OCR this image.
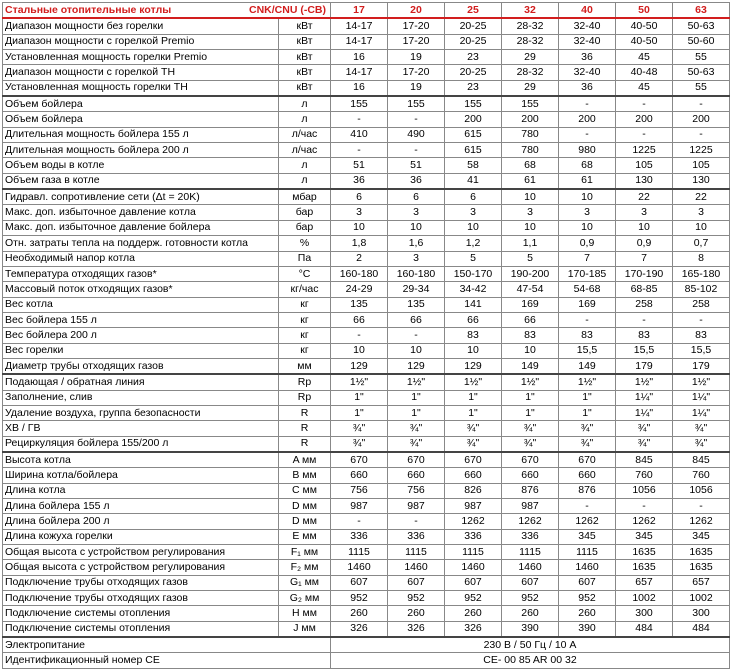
Стальные отопительные котлы CNK/CNU (-CB)		17	20	25	32	40	50	63
Диапазон мощности без горелки	кВт	14-17	17-20	20-25	28-32	32-40	40-50	50-63
Диапазон мощности с горелкой Premio	кВт	14-17	17-20	20-25	28-32	32-40	40-50	50-60
Установленная мощность горелки Premio	кВт	16	19	23	29	36	45	55
Диапазон мощности с горелкой TH	кВт	14-17	17-20	20-25	28-32	32-40	40-48	50-63
Установленная мощность горелки TH	кВт	16	19	23	29	36	45	55
Объем бойлера	л	155	155	155	155	-	-	-
Объем бойлера	л	-	-	200	200	200	200	200
Длительная мощность бойлера 155 л	л/час	410	490	615	780	-	-	-
Длительная мощность бойлера 200 л	л/час	-	-	615	780	980	1225	1225
Объем воды в котле	л	51	51	58	68	68	105	105
Объем газа в котле	л	36	36	41	61	61	130	130
Гидравл. сопротивление сети (Δt = 20K)	мбар	6	6	6	10	10	22	22
Макс. доп. избыточное давление котла	бар	3	3	3	3	3	3	3
Макс. доп. избыточное давление бойлера	бар	10	10	10	10	10	10	10
Отн. затраты тепла на поддерж. готовности котла	%	1,8	1,6	1,2	1,1	0,9	0,9	0,7
Необходимый напор котла	Па	2	3	5	5	7	7	8
Температура отходящих газов*	°С	160-180	160-180	150-170	190-200	170-185	170-190	165-180
Массовый поток отходящих газов*	кг/час	24-29	29-34	34-42	47-54	54-68	68-85	85-102
Вес котла	кг	135	135	141	169	169	258	258
Вес бойлера 155 л	кг	66	66	66	66	-	-	-
Вес бойлера 200 л	кг	-	-	83	83	83	83	83
Вес горелки	кг	10	10	10	10	15,5	15,5	15,5
Диаметр трубы отходящих газов	мм	129	129	129	149	149	179	179
Подающая / обратная линия	Rp	1½"	1½"	1½"	1½"	1½"	1½"	1½"
Заполнение, слив	Rp	1"	1"	1"	1"	1"	1¼"	1¼"
Удаление воздуха, группа безопасности	R	1"	1"	1"	1"	1"	1¼"	1¼"
ХВ / ГВ	R	¾"	¾"	¾"	¾"	¾"	¾"	¾"
Рециркуляция бойлера 155/200 л	R	¾"	¾"	¾"	¾"	¾"	¾"	¾"
Высота котла	A мм	670	670	670	670	670	845	845
Ширина котла/бойлера	B мм	660	660	660	660	660	760	760
Длина котла	C мм	756	756	826	876	876	1056	1056
Длина бойлера 155 л	D мм	987	987	987	987	-	-	-
Длина бойлера 200 л	D мм	-	-	1262	1262	1262	1262	1262
Длина кожуха горелки	E мм	336	336	336	336	345	345	345
Общая высота с устройством регулирования	F₁ мм	1115	1115	1115	1115	1115	1635	1635
Общая высота с устройством регулирования	F₂ мм	1460	1460	1460	1460	1460	1635	1635
Подключение трубы отходящих газов	G₁ мм	607	607	607	607	607	657	657
Подключение трубы отходящих газов	G₂ мм	952	952	952	952	952	1002	1002
Подключение системы отопления	H мм	260	260	260	260	260	300	300
Подключение системы отопления	J мм	326	326	326	390	390	484	484
Электропитание		230 В / 50 Гц / 10 А						
Идентификационный номер CE		CE- 00 85 AR 00 32						
